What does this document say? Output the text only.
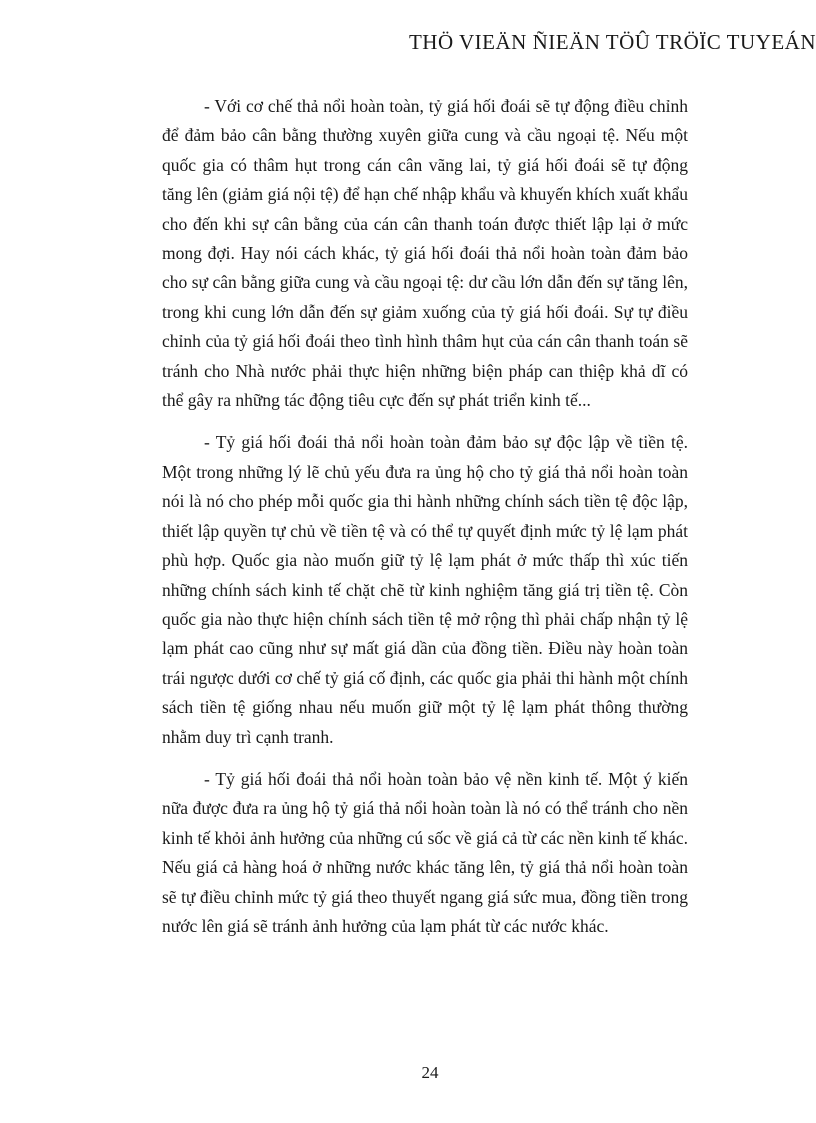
THÖ VIEÄN ÑIEÄN TÖÛ TRÖÏC TUYEÁN

- Với cơ chế thả nổi hoàn toàn, tỷ giá hối đoái sẽ tự động điều chỉnh để đảm bảo cân bằng thường xuyên giữa cung và cầu ngoại tệ. Nếu một quốc gia có thâm hụt trong cán cân vãng lai, tỷ giá hối đoái sẽ tự động tăng lên (giảm giá nội tệ) để hạn chế nhập khẩu và khuyến khích xuất khẩu cho đến khi sự cân bằng của cán cân thanh toán được thiết lập lại ở mức mong đợi. Hay nói cách khác, tỷ giá hối đoái thả nổi hoàn toàn đảm bảo cho sự cân bằng giữa cung và cầu ngoại tệ: dư cầu lớn dẫn đến sự tăng lên, trong khi cung lớn dẫn đến sự giảm xuống của tỷ giá hối đoái. Sự tự điều chỉnh của tỷ giá hối đoái theo tình hình thâm hụt của cán cân thanh toán sẽ tránh cho Nhà nước phải thực hiện những biện pháp can thiệp khả dĩ có thể gây ra những tác động tiêu cực đến sự phát triển kinh tế...

- Tỷ giá hối đoái thả nổi hoàn toàn đảm bảo sự độc lập về tiền tệ. Một trong những lý lẽ chủ yếu đưa ra ủng hộ cho tỷ giá thả nổi hoàn toàn nói là nó cho phép mỗi quốc gia thi hành những chính sách tiền tệ độc lập, thiết lập quyền tự chủ về tiền tệ và có thể tự quyết định mức tỷ lệ lạm phát phù hợp. Quốc gia nào muốn giữ tỷ lệ lạm phát ở mức thấp thì xúc tiến những chính sách kinh tế chặt chẽ từ kinh nghiệm tăng giá trị tiền tệ. Còn quốc gia nào thực hiện chính sách tiền tệ mở rộng thì phải chấp nhận tỷ lệ lạm phát cao cũng như sự mất giá dần của đồng tiền. Điều này hoàn toàn trái ngược dưới cơ chế tỷ giá cố định, các quốc gia phải thi hành một chính sách tiền tệ giống nhau nếu muốn giữ một tỷ lệ lạm phát thông thường nhằm duy trì cạnh tranh.

- Tỷ giá hối đoái thả nổi hoàn toàn bảo vệ nền kinh tế. Một ý kiến nữa được đưa ra ủng hộ tỷ giá thả nổi hoàn toàn là nó có thể tránh cho nền kinh tế khỏi ảnh hưởng của những cú sốc về giá cả từ các nền kinh tế khác. Nếu giá cả hàng hoá ở những nước khác tăng lên, tỷ giá thả nổi hoàn toàn sẽ tự điều chỉnh mức tỷ giá theo thuyết ngang giá sức mua, đồng tiền trong nước lên giá sẽ tránh ảnh hưởng của lạm phát từ các nước khác.

24
